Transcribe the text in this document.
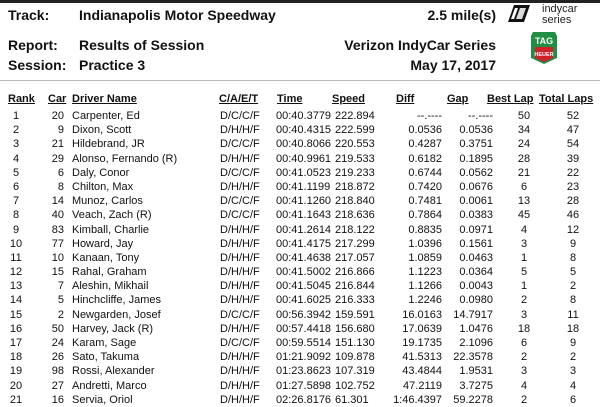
Track: Indianapolis Motor Speedway	2.5 mile(s)
Report: Results of Session	Verizon IndyCar Series
Session: Practice 3	May 17, 2017
indycar
series
TAG
HEUER
Rank Car Driver Name	C/A/E/T Time	Speed	Diff	Gap Best Lap Total Laps
1	20 Carpenter, Ed	D/C/C/F 00:40.3779 222.894	--.----	--.----	50	52
2	9 Dixon, Scott	D/H/H/F 00:40.4315 222.599	0.0536	0.0536	34	47
3	21 Hildebrand, JR	D/C/C/F 00:40.8066 220.553	0.4287	0.3751	24	54
4	29 Alonso, Fernando (R)	D/H/H/F 00:40.9961 219.533	0.6182	0.1895	28	39
5	6 Daly, Conor	D/C/C/F 00:41.0523 219.233	0.6744	0.0562	21	22
6	8 Chilton, Max	D/H/H/F 00:41.1199 218.872	0.7420	0.0676	6	23
7	14 Munoz, Carlos	D/C/C/F 00:41.1260 218.840	0.7481	0.0061	13	28
8	40 Veach, Zach (R)	D/C/C/F 00:41.1643 218.636	0.7864	0.0383	45	46
9	83 Kimball, Charlie	D/H/H/F 00:41.2614 218.122	0.8835	0.0971	4	12
10	77 Howard, Jay	D/H/H/F 00:41.4175 217.299	1.0396	0.1561	3	9
11	10 Kanaan, Tony	D/H/H/F 00:41.4638 217.057	1.0859	0.0463	1	8
12	15 Rahal, Graham	D/H/H/F 00:41.5002 216.866	1.1223	0.0364	5	5
13	7 Aleshin, Mikhail	D/H/H/F 00:41.5045 216.844	1.1266	0.0043	1	2
14	5 Hinchcliffe, James	D/H/H/F 00:41.6025 216.333	1.2246	0.0980	2	8
15	2 Newgarden, Josef	D/C/C/F 00:56.3942 159.591	16.0163	14.7917	3	11
16	50 Harvey, Jack (R)	D/H/H/F 00:57.4418 156.680	17.0639	1.0476	18	18
17	24 Karam, Sage	D/C/C/F 00:59.5514 151.130	19.1735	2.1096	6	9
18	26 Sato, Takuma	D/H/H/F 01:21.9092 109.878	41.5313	22.3578	2	2
19	98 Rossi, Alexander	D/H/H/F 01:23.8623 107.319	43.4844	1.9531	3	3
20	27 Andretti, Marco	D/H/H/F 01:27.5898 102.752	47.2119	3.7275	4	4
21	16 Servia, Oriol	D/H/H/F 02:26.8176 61.301	1:46.4397	59.2278	2	6
